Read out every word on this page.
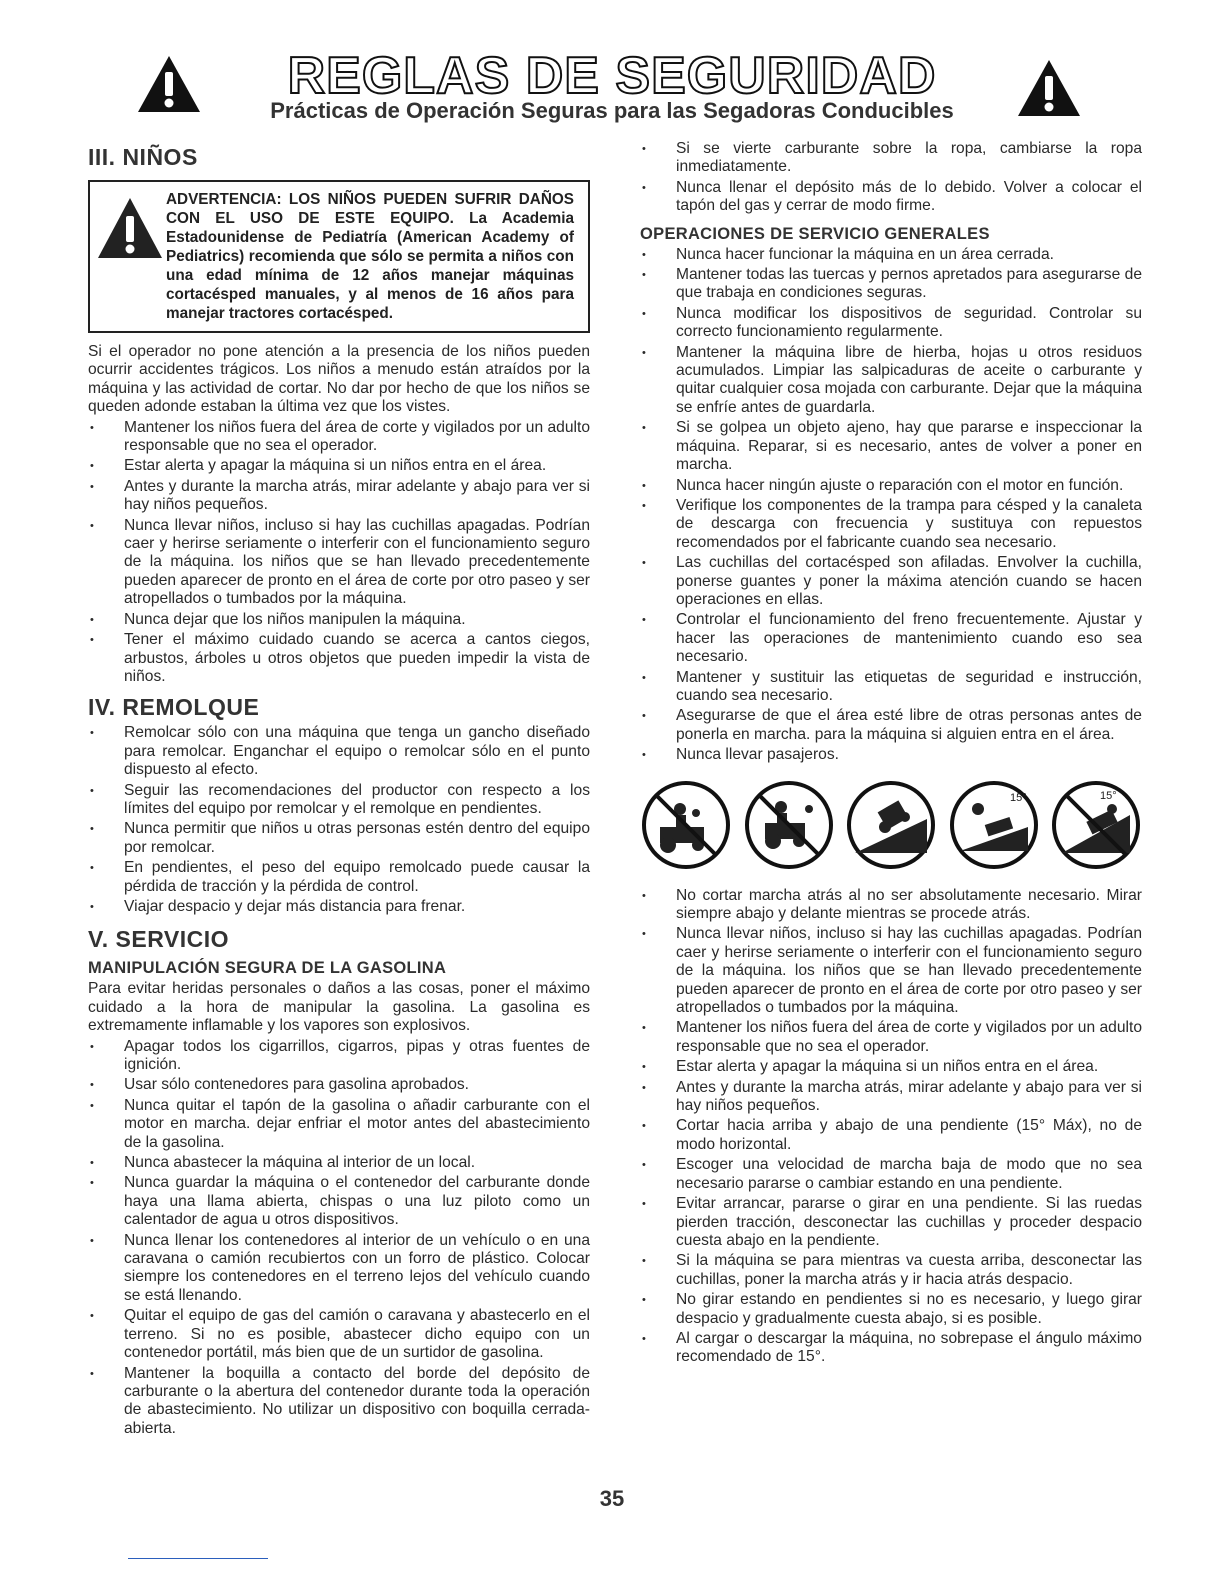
REGLAS DE SEGURIDAD
Prácticas de Operación Seguras para las Segadoras Conducibles
III. NIÑOS

ADVERTENCIA: LOS NIÑOS PUEDEN SUFRIR DAÑOS CON EL USO DE ESTE EQUIPO. La Academia Estadounidense de Pediatría (American Academy of Pediatrics) recomienda que sólo se permita a niños con una edad mínima de 12 años manejar máquinas cortacésped manuales, y al menos de 16 años para manejar tractores cortacésped.

Si el operador no pone atención a la presencia de los niños pueden ocurrir accidentes trágicos. Los niños a menudo están atraídos por la máquina y las actividad de cortar. No dar por hecho de que los niños se queden adonde estaban la última vez que los vistes.

• Mantener los niños fuera del área de corte y vigilados por un adulto responsable que no sea el operador.
• Estar alerta y apagar la máquina si un niños entra en el área.
• Antes y durante la marcha atrás, mirar adelante y abajo para ver si hay niños pequeños.
• Nunca llevar niños, incluso si hay las cuchillas apagadas. Podrían caer y herirse seriamente o interferir con el funcionamiento seguro de la máquina. los niños que se han llevado precedentemente pueden aparecer de pronto en el área de corte por otro paseo y ser atropellados o tumbados por la máquina.
• Nunca dejar que los niños manipulen la máquina.
• Tener el máximo cuidado cuando se acerca a cantos ciegos, arbustos, árboles u otros objetos que pueden impedir la vista de niños.
IV. REMOLQUE
• Remolcar sólo con una máquina que tenga un gancho diseñado para remolcar. Enganchar el equipo o remolcar sólo en el punto dispuesto al efecto.
• Seguir las recomendaciones del productor con respecto a los límites del equipo por remolcar y el remolque en pendientes.
• Nunca permitir que niños u otras personas estén dentro del equipo por remolcar.
• En pendientes, el peso del equipo remolcado puede causar la pérdida de tracción y la pérdida de control.
• Viajar despacio y dejar más distancia para frenar.
V. SERVICIO
MANIPULACIÓN SEGURA DE LA GASOLINA

Para evitar heridas personales o daños a las cosas, poner el máximo cuidado a la hora de manipular la gasolina. La gasolina es extremamente inflamable y los vapores son explosivos.

• Apagar todos los cigarrillos, cigarros, pipas y otras fuentes de ignición.
• Usar sólo contenedores para gasolina aprobados.
• Nunca quitar el tapón de la gasolina o añadir carburante con el motor en marcha. dejar enfriar el motor antes del abastecimiento de la gasolina.
• Nunca abastecer la máquina al interior de un local.
• Nunca guardar la máquina o el contenedor del carburante donde haya una llama abierta, chispas o una luz piloto como un calentador de agua u otros dispositivos.
• Nunca llenar los contenedores al interior de un vehículo o en una caravana o camión recubiertos con un forro de plástico. Colocar siempre los contenedores en el terreno lejos del vehículo cuando se está llenando.
• Quitar el equipo de gas del camión o caravana y abastecerlo en el terreno. Si no es posible, abastecer dicho equipo con un contenedor portátil, más bien que de un surtidor de gasolina.
• Mantener la boquilla a contacto del borde del depósito de carburante o la abertura del contenedor durante toda la operación de abastecimiento. No utilizar un dispositivo con boquilla cerrada-abierta.
• Si se vierte carburante sobre la ropa, cambiarse la ropa inmediatamente.
• Nunca llenar el depósito más de lo debido. Volver a colocar el tapón del gas y cerrar de modo firme.
OPERACIONES DE SERVICIO GENERALES
• Nunca hacer funcionar la máquina en un área cerrada.
• Mantener todas las tuercas y pernos apretados para asegurarse de que trabaja en condiciones seguras.
• Nunca modificar los dispositivos de seguridad. Controlar su correcto funcionamiento regularmente.
• Mantener la máquina libre de hierba, hojas u otros residuos acumulados. Limpiar las salpicaduras de aceite o carburante y quitar cualquier cosa mojada con carburante. Dejar que la máquina se enfríe antes de guardarla.
• Si se golpea un objeto ajeno, hay que pararse e inspeccionar la máquina. Reparar, si es necesario, antes de volver a poner en marcha.
• Nunca hacer ningún ajuste o reparación con el motor en función.
• Verifique los componentes de la trampa para césped y la canaleta de descarga con frecuencia y sustituya con repuestos recomendados por el fabricante cuando sea necesario.
• Las cuchillas del cortacésped son afiladas. Envolver la cuchilla, ponerse guantes y poner la máxima atención cuando se hacen operaciones en ellas.
• Controlar el funcionamiento del freno frecuentemente. Ajustar y hacer las operaciones de mantenimiento cuando eso sea necesario.
• Mantener y sustituir las etiquetas de seguridad e instrucción, cuando sea necesario.
• Asegurarse de que el área esté libre de otras personas antes de ponerla en marcha. para la máquina si alguien entra en el área.
• Nunca llevar pasajeros.
15°	15°
• No cortar marcha atrás al no ser absolutamente necesario. Mirar siempre abajo y delante mientras se procede atrás.
• Nunca llevar niños, incluso si hay las cuchillas apagadas. Podrían caer y herirse seriamente o interferir con el funcionamiento seguro de la máquina. los niños que se han llevado precedentemente pueden aparecer de pronto en el área de corte por otro paseo y ser atropellados o tumbados por la máquina.
• Mantener los niños fuera del área de corte y vigilados por un adulto responsable que no sea el operador.
• Estar alerta y apagar la máquina si un niños entra en el área.
• Antes y durante la marcha atrás, mirar adelante y abajo para ver si hay niños pequeños.
• Cortar hacia arriba y abajo de una pendiente (15° Máx), no de modo horizontal.
• Escoger una velocidad de marcha baja de modo que no sea necesario pararse o cambiar estando en una pendiente.
• Evitar arrancar, pararse o girar en una pendiente. Si las ruedas pierden tracción, desconectar las cuchillas y proceder despacio cuesta abajo en la pendiente.
• Si la máquina se para mientras va cuesta arriba, desconectar las cuchillas, poner la marcha atrás y ir hacia atrás despacio.
• No girar estando en pendientes si no es necesario, y luego girar despacio y gradualmente cuesta abajo, si es posible.
• Al cargar o descargar la máquina, no sobrepase el ángulo máximo recomendado de 15°.
35
